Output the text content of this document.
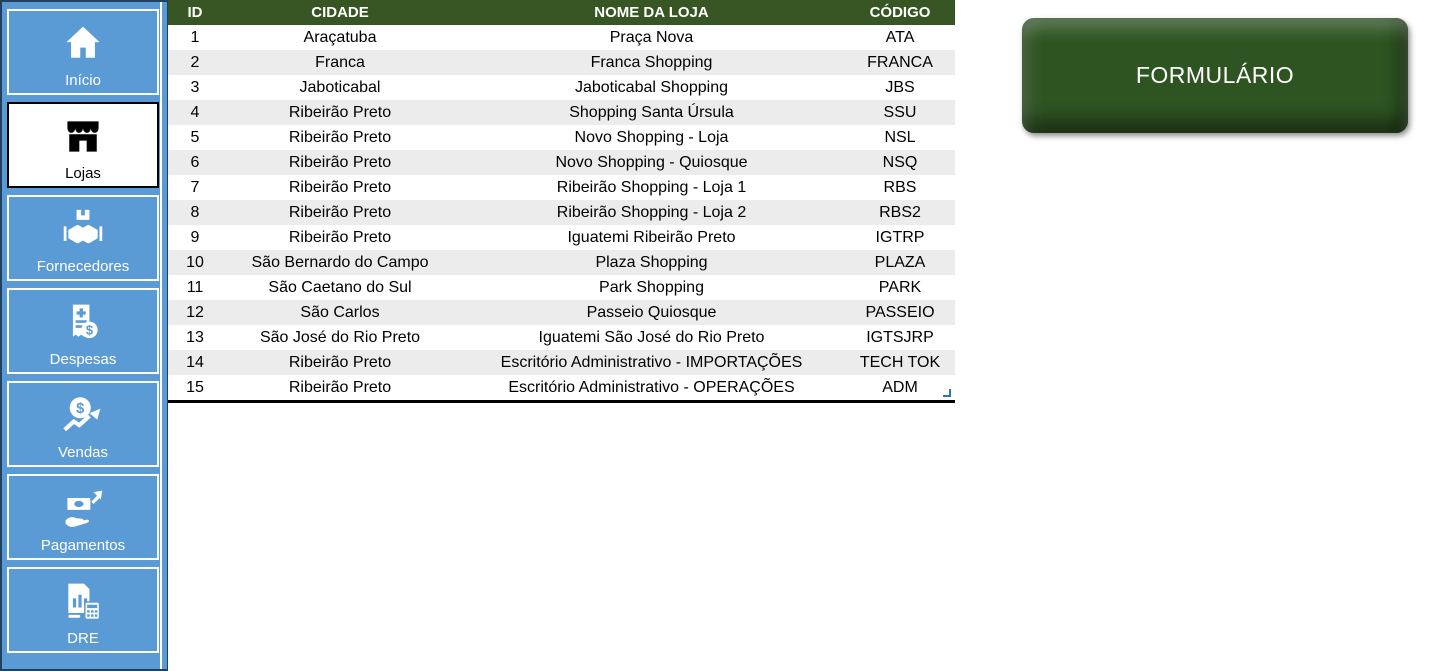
Início
Lojas
Fornecedores
$
Despesas
$
Vendas
Pagamentos
DRE
ID	CIDADE	NOME DA LOJA	CÓDIGO
1	Araçatuba	Praça Nova	ATA
2	Franca	Franca Shopping	FRANCA
3	Jaboticabal	Jaboticabal Shopping	JBS
4	Ribeirão Preto	Shopping Santa Úrsula	SSU
5	Ribeirão Preto	Novo Shopping - Loja	NSL
6	Ribeirão Preto	Novo Shopping - Quiosque	NSQ
7	Ribeirão Preto	Ribeirão Shopping - Loja 1	RBS
8	Ribeirão Preto	Ribeirão Shopping - Loja 2	RBS2
9	Ribeirão Preto	Iguatemi Ribeirão Preto	IGTRP
10	São Bernardo do Campo	Plaza Shopping	PLAZA
11	São Caetano do Sul	Park Shopping	PARK
12	São Carlos	Passeio Quiosque	PASSEIO
13	São José do Rio Preto	Iguatemi São José do Rio Preto	IGTSJRP
14	Ribeirão Preto	Escritório Administrativo - IMPORTAÇÕES	TECH TOK
15	Ribeirão Preto	Escritório Administrativo - OPERAÇÕES	ADM
FORMULÁRIO
